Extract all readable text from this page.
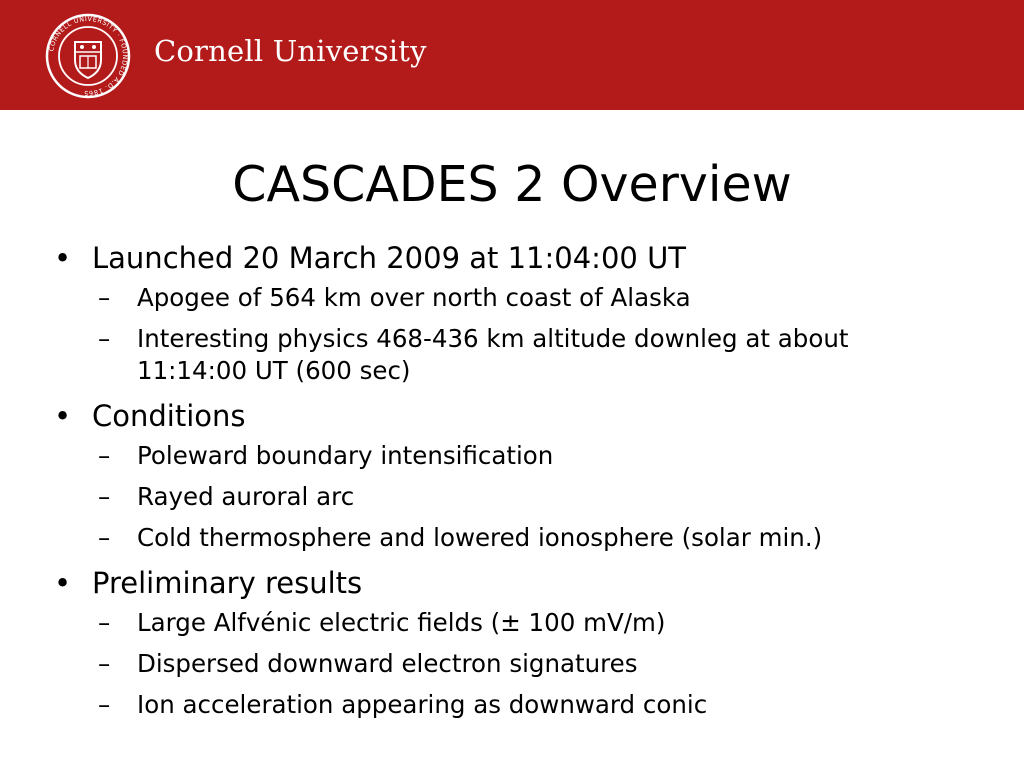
CORNELL UNIVERSITY · FOUNDED A.D. 1865
Cornell University
CASCADES 2 Overview
• Launched 20 March 2009 at 11:04:00 UT
–	Apogee of 564 km over north coast of Alaska
–	Interesting physics 468-436 km altitude downleg at about 11:14:00 UT (600 sec)
• Conditions
–	Poleward boundary intensification
–	Rayed auroral arc
–	Cold thermosphere and lowered ionosphere (solar min.)
• Preliminary results
–	Large Alfvénic electric fields (± 100 mV/m)
–	Dispersed downward electron signatures
–	Ion acceleration appearing as downward conic
